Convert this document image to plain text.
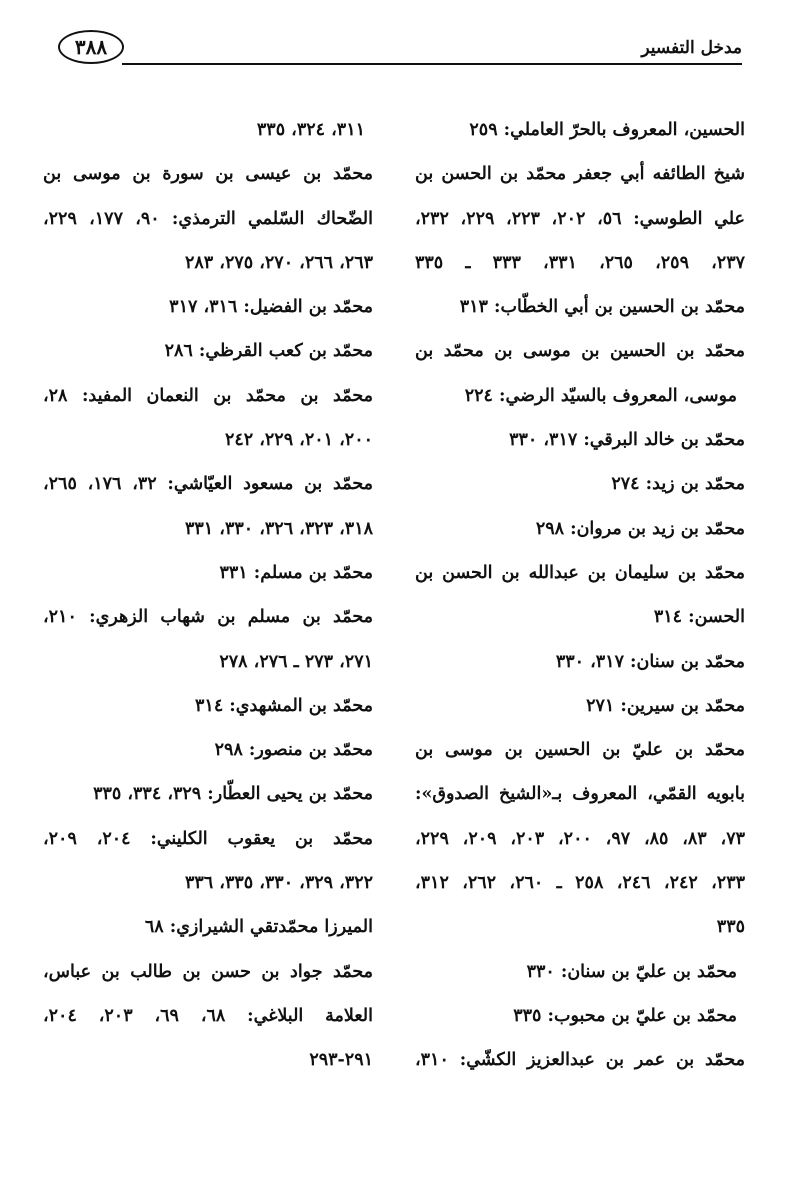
٣٨٨	مدخل التفسير
الحسين، المعروف بالحرّ العاملي: ٢٥٩
شيخ الطائفه أبي جعفر محمّد بن الحسن بن
علي الطوسي: ٥٦، ٢٠٢، ٢٢٣، ٢٢٩، ٢٣٢،
٢٣٧، ٢٥٩، ٢٦٥، ٣٣١، ٣٣٣ ـ ٣٣٥
محمّد بن الحسين بن أبي الخطّاب: ٣١٣
محمّد بن الحسين بن موسى بن محمّد بن
موسى، المعروف بالسيّد الرضي: ٢٢٤
محمّد بن خالد البرقي: ٣١٧، ٣٣٠
محمّد بن زيد: ٢٧٤
محمّد بن زيد بن مروان: ٢٩٨
محمّد بن سليمان بن عبدالله بن الحسن بن
الحسن: ٣١٤
محمّد بن سنان: ٣١٧، ٣٣٠
محمّد بن سيرين: ٢٧١
محمّد بن عليّ بن الحسين بن موسى بن
بابويه القمّي، المعروف بـ«الشيخ الصدوق»:
٧٣، ٨٣، ٨٥، ٩٧، ٢٠٠، ٢٠٣، ٢٠٩، ٢٢٩،
٢٣٣، ٢٤٢، ٢٤٦، ٢٥٨ ـ ٢٦٠، ٢٦٢، ٣١٢،
٣٣٥
محمّد بن عليّ بن سنان: ٣٣٠
محمّد بن عليّ بن محبوب: ٣٣٥
محمّد بن عمر بن عبدالعزيز الكشّي: ٣١٠،
٣١١، ٣٢٤، ٣٣٥
محمّد بن عيسى بن سورة بن موسى بن
الضّحاك السّلمي الترمذي: ٩٠، ١٧٧، ٢٢٩،
٢٦٣، ٢٦٦، ٢٧٠، ٢٧٥، ٢٨٣
محمّد بن الفضيل: ٣١٦، ٣١٧
محمّد بن كعب القرظي: ٢٨٦
محمّد بن محمّد بن النعمان المفيد: ٢٨،
٢٠٠، ٢٠١، ٢٢٩، ٢٤٢
محمّد بن مسعود العيّاشي: ٣٢، ١٧٦، ٢٦٥،
٣١٨، ٣٢٣، ٣٢٦، ٣٣٠، ٣٣١
محمّد بن مسلم: ٣٣١
محمّد بن مسلم بن شهاب الزهري: ٢١٠،
٢٧١، ٢٧٣ ـ ٢٧٦، ٢٧٨
محمّد بن المشهدي: ٣١٤
محمّد بن منصور: ٢٩٨
محمّد بن يحيى العطّار: ٣٢٩، ٣٣٤، ٣٣٥
محمّد بن يعقوب الكليني: ٢٠٤، ٢٠٩،
٣٢٢، ٣٢٩، ٣٣٠، ٣٣٥، ٣٣٦
الميرزا محمّدتقي الشيرازي: ٦٨
محمّد جواد بن حسن بن طالب بن عباس،
العلامة البلاغي: ٦٨، ٦٩، ٢٠٣، ٢٠٤،
٢٩١-٢٩٣
